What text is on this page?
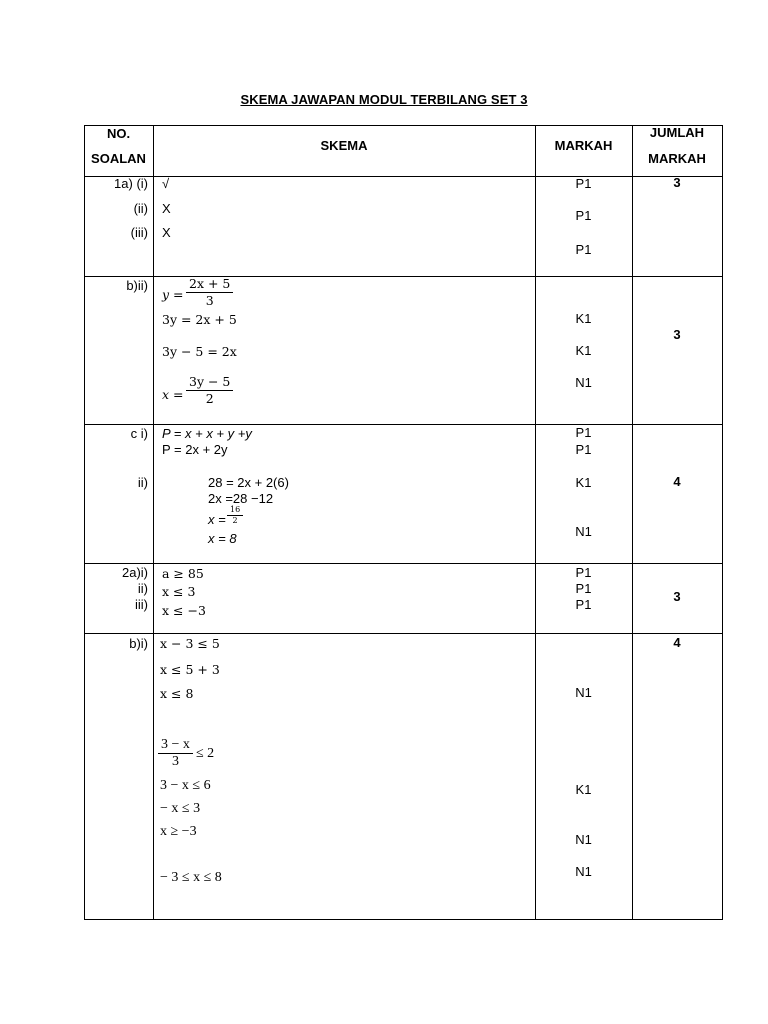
SKEMA JAWAPAN MODUL TERBILANG SET 3
NO.
SOALAN
SKEMA	MARKAH
JUMLAH
MARKAH
1a) (i)
(ii)
(iii)
√
X
X
P1
P1
P1
3
b)ii)
$y = \frac{2x + 5}{3}$
3y = 2x + 5
3y − 5 = 2x
$x = \frac{3y - 5}{2}$
K1
K1
N1
3
c i)
ii)
P = x + x + y +y
P = 2x + 2y
28 = 2x + 2(6)
2x =28 −12
$x = \frac{16}{2}$
x = 8
P1
P1
K1
N1
4
2a)i)
ii)
iii)
a ≥ 85
x ≤ 3
x ≤ −3
P1
P1
P1
3
b)i) x − 3 ≤ 5
x ≤ 5 + 3
x ≤ 8
$\frac{3 - x}{3} \le 2$
3 − x ≤ 6
− x ≤ 3
x ≥ −3
− 3 ≤ x ≤ 8
N1
K1
N1
N1
4
